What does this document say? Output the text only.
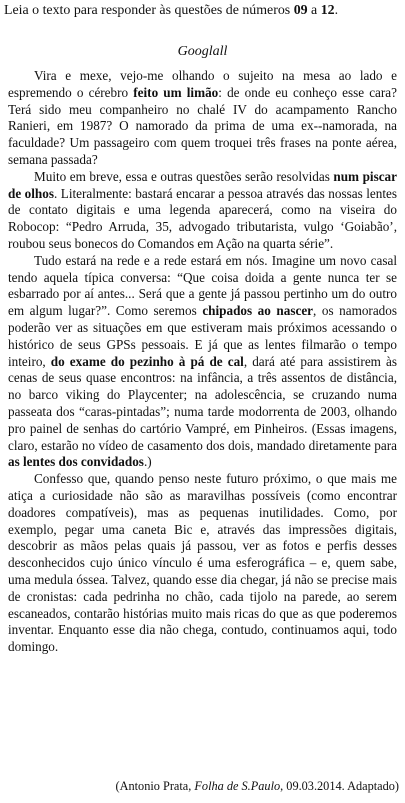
Leia o texto para responder às questões de números 09 a 12.
Googlall

Vira e mexe, vejo-me olhando o sujeito na mesa ao lado e espremendo o cérebro feito um limão: de onde eu conheço esse cara? Terá sido meu companheiro no chalé IV do acampamento Rancho Ranieri, em 1987? O namorado da prima de uma ex--namorada, na faculdade? Um passageiro com quem troquei três frases na ponte aérea, semana passada?

Muito em breve, essa e outras questões serão resolvidas num piscar de olhos. Literalmente: bastará encarar a pessoa através das nossas lentes de contato digitais e uma legenda aparecerá, como na viseira do Robocop: “Pedro Arruda, 35, advogado tributarista, vulgo ‘Goiabão’, roubou seus bonecos do Comandos em Ação na quarta série”.

Tudo estará na rede e a rede estará em nós. Imagine um novo casal tendo aquela típica conversa: “Que coisa doida a gente nunca ter se esbarrado por aí antes... Será que a gente já passou pertinho um do outro em algum lugar?”. Como seremos chipados ao nascer, os namorados poderão ver as situações em que estiveram mais próximos acessando o histórico de seus GPSs pessoais. E já que as lentes filmarão o tempo inteiro, do exame do pezinho à pá de cal, dará até para assistirem às cenas de seus quase encontros: na infância, a três assentos de distância, no barco viking do Playcenter; na adolescência, se cruzando numa passeata dos “caras-pintadas”; numa tarde modorrenta de 2003, olhando pro painel de senhas do cartório Vampré, em Pinheiros. (Essas imagens, claro, estarão no vídeo de casamento dos dois, mandado diretamente para as lentes dos convidados.)

Confesso que, quando penso neste futuro próximo, o que mais me atiça a curiosidade não são as maravilhas possíveis (como encontrar doadores compatíveis), mas as pequenas inutilidades. Como, por exemplo, pegar uma caneta Bic e, através das impressões digitais, descobrir as mãos pelas quais já passou, ver as fotos e perfis desses desconhecidos cujo único vínculo é uma esferográfica – e, quem sabe, uma medula óssea. Talvez, quando esse dia chegar, já não se precise mais de cronistas: cada pedrinha no chão, cada tijolo na parede, ao serem escaneados, contarão histórias muito mais ricas do que as que poderemos inventar. Enquanto esse dia não chega, contudo, continuamos aqui, todo domingo.

(Antonio Prata, Folha de S.Paulo, 09.03.2014. Adaptado)
